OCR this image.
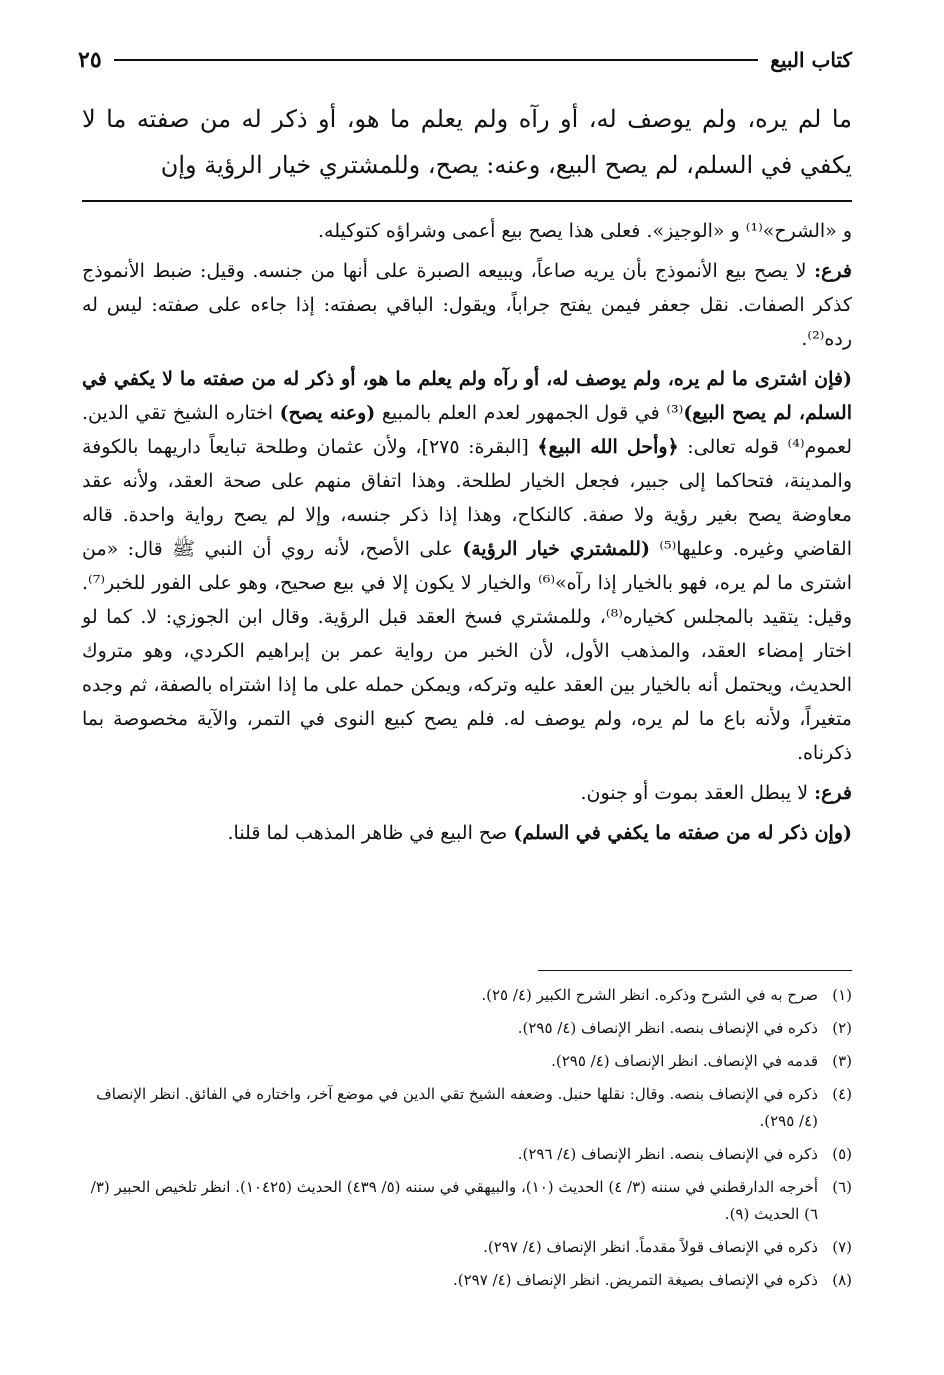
كتاب البيع
٢٥
ما لم يره، ولم يوصف له، أو رآه ولم يعلم ما هو، أو ذكر له من صفته ما لا يكفي في السلم، لم يصح البيع، وعنه: يصح، وللمشتري خيار الرؤية وإن

و «الشرح»⁽¹⁾ و «الوجيز». فعلى هذا يصح بيع أعمى وشراؤه كتوكيله.

فرع: لا يصح بيع الأنموذج بأن يريه صاعاً، ويبيعه الصبرة على أنها من جنسه. وقيل: ضبط الأنموذج كذكر الصفات. نقل جعفر فيمن يفتح جراباً، ويقول: الباقي بصفته: إذا جاءه على صفته: ليس له رده⁽²⁾.

(فإن اشترى ما لم يره، ولم يوصف له، أو رآه ولم يعلم ما هو، أو ذكر له من صفته ما لا يكفي في السلم، لم يصح البيع)⁽³⁾ في قول الجمهور لعدم العلم بالمبيع (وعنه يصح) اختاره الشيخ تقي الدين. لعموم⁽⁴⁾ قوله تعالى: ﴿وأحل الله البيع﴾ [البقرة: ٢٧٥]، ولأن عثمان وطلحة تبايعاً داريهما بالكوفة والمدينة، فتحاكما إلى جبير، فجعل الخيار لطلحة. وهذا اتفاق منهم على صحة العقد، ولأنه عقد معاوضة يصح بغير رؤية ولا صفة. كالنكاح، وهذا إذا ذكر جنسه، وإلا لم يصح رواية واحدة. قاله القاضي وغيره. وعليها⁽⁵⁾ (للمشتري خيار الرؤية) على الأصح، لأنه روي أن النبي ﷺ قال: «من اشترى ما لم يره، فهو بالخيار إذا رآه»⁽⁶⁾ والخيار لا يكون إلا في بيع صحيح، وهو على الفور للخبر⁽⁷⁾. وقيل: يتقيد بالمجلس كخياره⁽⁸⁾، وللمشتري فسخ العقد قبل الرؤية. وقال ابن الجوزي: لا. كما لو اختار إمضاء العقد، والمذهب الأول، لأن الخبر من رواية عمر بن إبراهيم الكردي، وهو متروك الحديث، ويحتمل أنه بالخيار بين العقد عليه وتركه، ويمكن حمله على ما إذا اشتراه بالصفة، ثم وجده متغيراً، ولأنه باع ما لم يره، ولم يوصف له. فلم يصح كبيع النوى في التمر، والآية مخصوصة بما ذكرناه.

فرع: لا يبطل العقد بموت أو جنون.

(وإن ذكر له من صفته ما يكفي في السلم) صح البيع في ظاهر المذهب لما قلنا.

(١)
صرح به في الشرح وذكره. انظر الشرح الكبير (٤/ ٢٥).
(٢)
ذكره في الإنصاف بنصه. انظر الإنصاف (٤/ ٢٩٥).
(٣)
قدمه في الإنصاف. انظر الإنصاف (٤/ ٢٩٥).
(٤)
ذكره في الإنصاف بنصه. وقال: نقلها حنبل. وضعفه الشيخ تقي الدين في موضع آخر، واختاره في الفائق. انظر الإنصاف (٤/ ٢٩٥).
(٥)
ذكره في الإنصاف بنصه. انظر الإنصاف (٤/ ٢٩٦).
(٦)
أخرجه الدارقطني في سننه (٣/ ٤) الحديث (١٠)، والبيهقي في سننه (٥/ ٤٣٩) الحديث (١٠٤٢٥). انظر تلخيص الحبير (٣/ ٦) الحديث (٩).
(٧)
ذكره في الإنصاف قولاً مقدماً. انظر الإنصاف (٤/ ٢٩٧).
(٨)
ذكره في الإنصاف بصيغة التمريض. انظر الإنصاف (٤/ ٢٩٧).
